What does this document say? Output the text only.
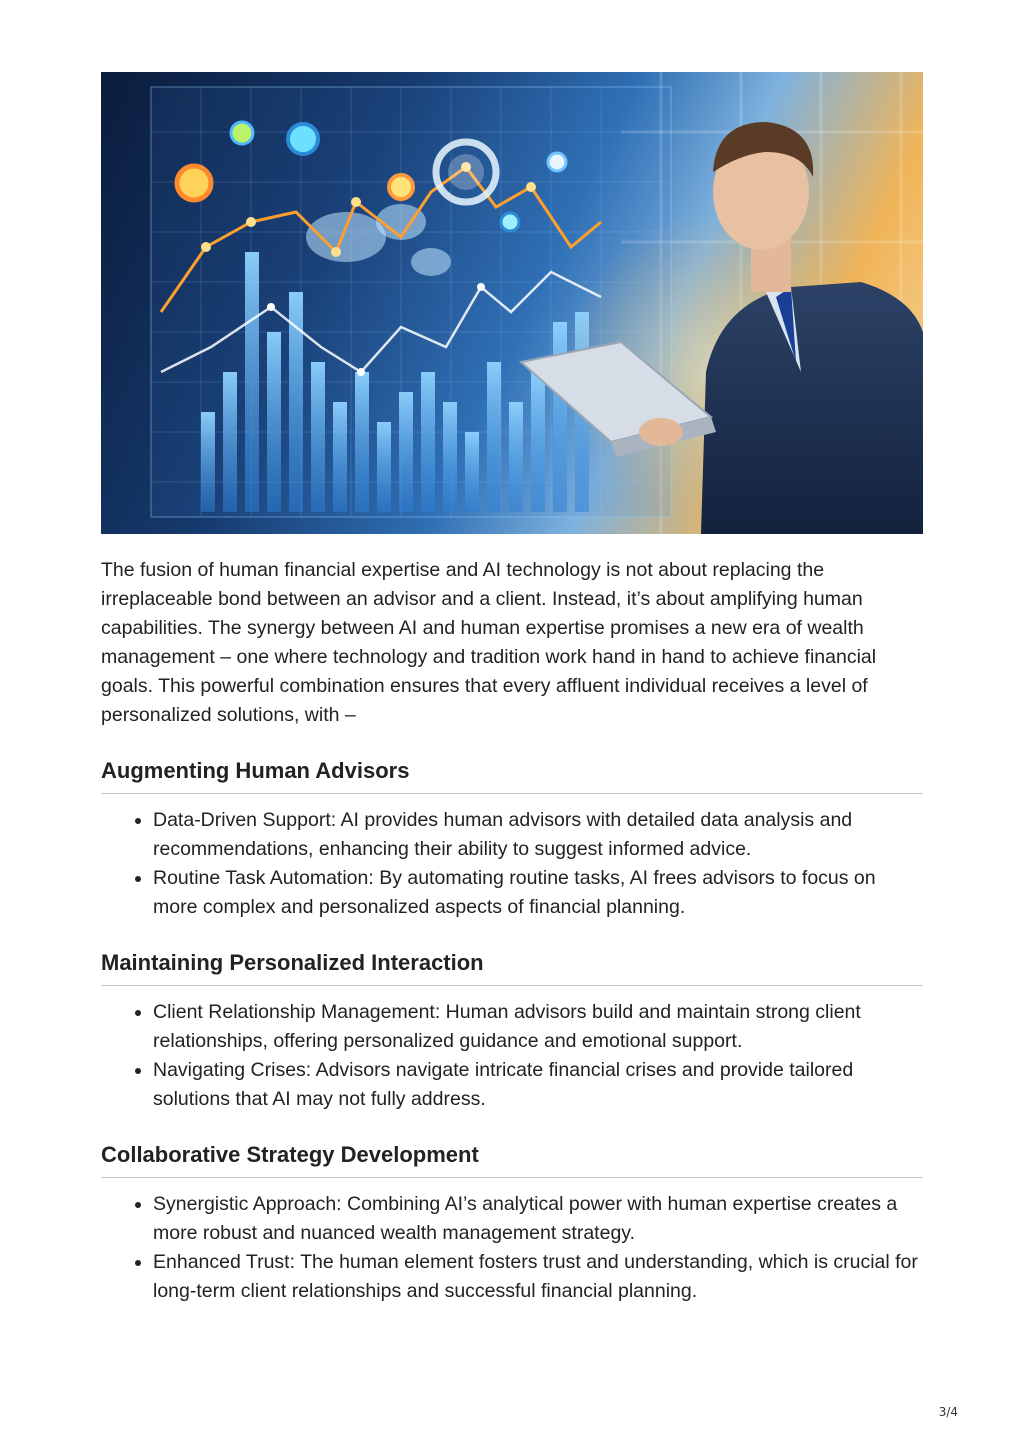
The fusion of human financial expertise and AI technology is not about replacing the irreplaceable bond between an advisor and a client. Instead, it’s about amplifying human capabilities. The synergy between AI and human expertise promises a new era of wealth management – one where technology and tradition work hand in hand to achieve financial goals. This powerful combination ensures that every affluent individual receives a level of personalized solutions, with –

Augmenting Human Advisors
Data-Driven Support: AI provides human advisors with detailed data analysis and recommendations, enhancing their ability to suggest informed advice.
Routine Task Automation: By automating routine tasks, AI frees advisors to focus on more complex and personalized aspects of financial planning.
Maintaining Personalized Interaction
Client Relationship Management: Human advisors build and maintain strong client relationships, offering personalized guidance and emotional support.
Navigating Crises: Advisors navigate intricate financial crises and provide tailored solutions that AI may not fully address.
Collaborative Strategy Development
Synergistic Approach: Combining AI’s analytical power with human expertise creates a more robust and nuanced wealth management strategy.
Enhanced Trust: The human element fosters trust and understanding, which is crucial for long-term client relationships and successful financial planning.
3/4
